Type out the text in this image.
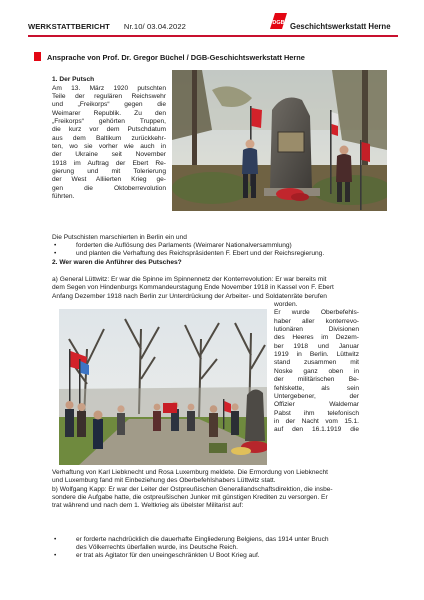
WERKSTATTBERICHT Nr.10/ 03.04.2022	DGB Geschichtswerkstatt Herne
Ansprache von Prof. Dr. Gregor Büchel / DGB-Geschichtswerkstatt Herne
1. Der Putsch
Am 13. März 1920 putschten
Teile der regulären Reichswehr
und „Freikorps“ gegen die
Weimarer Republik. Zu den
„Freikorps“ gehörten Truppen,
die kurz vor dem Putschdatum
aus dem Baltikum zurückkehr-
ten, wo sie vorher wie auch in
der Ukraine seit November
1918 im Auftrag der Ebert Re-
gierung und mit Tolerierung
der West Alliierten Krieg ge-
gen die Oktoberrevolution
führten.
Die Putschisten marschierten in Berlin ein und
•	forderten die Auflösung des Parlaments (Weimarer Nationalversammlung)
•	und planten die Verhaftung des Reichspräsidenten F. Ebert und der Reichsregierung.
2. Wer waren die Anführer des Putsches?
a) General Lüttwitz: Er war die Spinne im Spinnennetz der Konterrevolution: Er war bereits mit
dem Segen von Hindenburgs Kommandeurstagung Ende November 1918 in Kassel von F. Ebert
Anfang Dezember 1918 nach Berlin zur Unterdrückung der Arbeiter- und Soldatenräte berufen
worden.
Er wurde Oberbefehls-
haber aller konterrevo-
lutionären Divisionen
des Heeres im Dezem-
ber 1918 und Januar
1919 in Berlin. Lüttwitz
stand zusammen mit
Noske ganz oben in
der militärischen Be-
fehlskette, als sein
Untergebener, der
Offizier Waldemar
Pabst ihm telefonisch
in der Nacht vom 15.1.
auf den 16.1.1919 die
Verhaftung von Karl Liebknecht und Rosa Luxemburg meldete. Die Ermordung von Liebknecht
und Luxemburg fand mit Einbeziehung des Oberbefehlshabers Lüttwitz statt.
b) Wolfgang Kapp: Er war der Leiter der Ostpreußischen Generallandschaftsdirektion, die insbe-
sondere die Aufgabe hatte, die ostpreußischen Junker mit günstigen Krediten zu versorgen. Er
trat während und nach dem 1. Weltkrieg als übelster Militarist auf:
•	er forderte nachdrücklich die dauerhafte Eingliederung Belgiens, das 1914 unter Bruch
des Völkerrechts überfallen wurde, ins Deutsche Reich.
•	er trat als Agitator für den uneingeschränkten U Boot Krieg auf.
